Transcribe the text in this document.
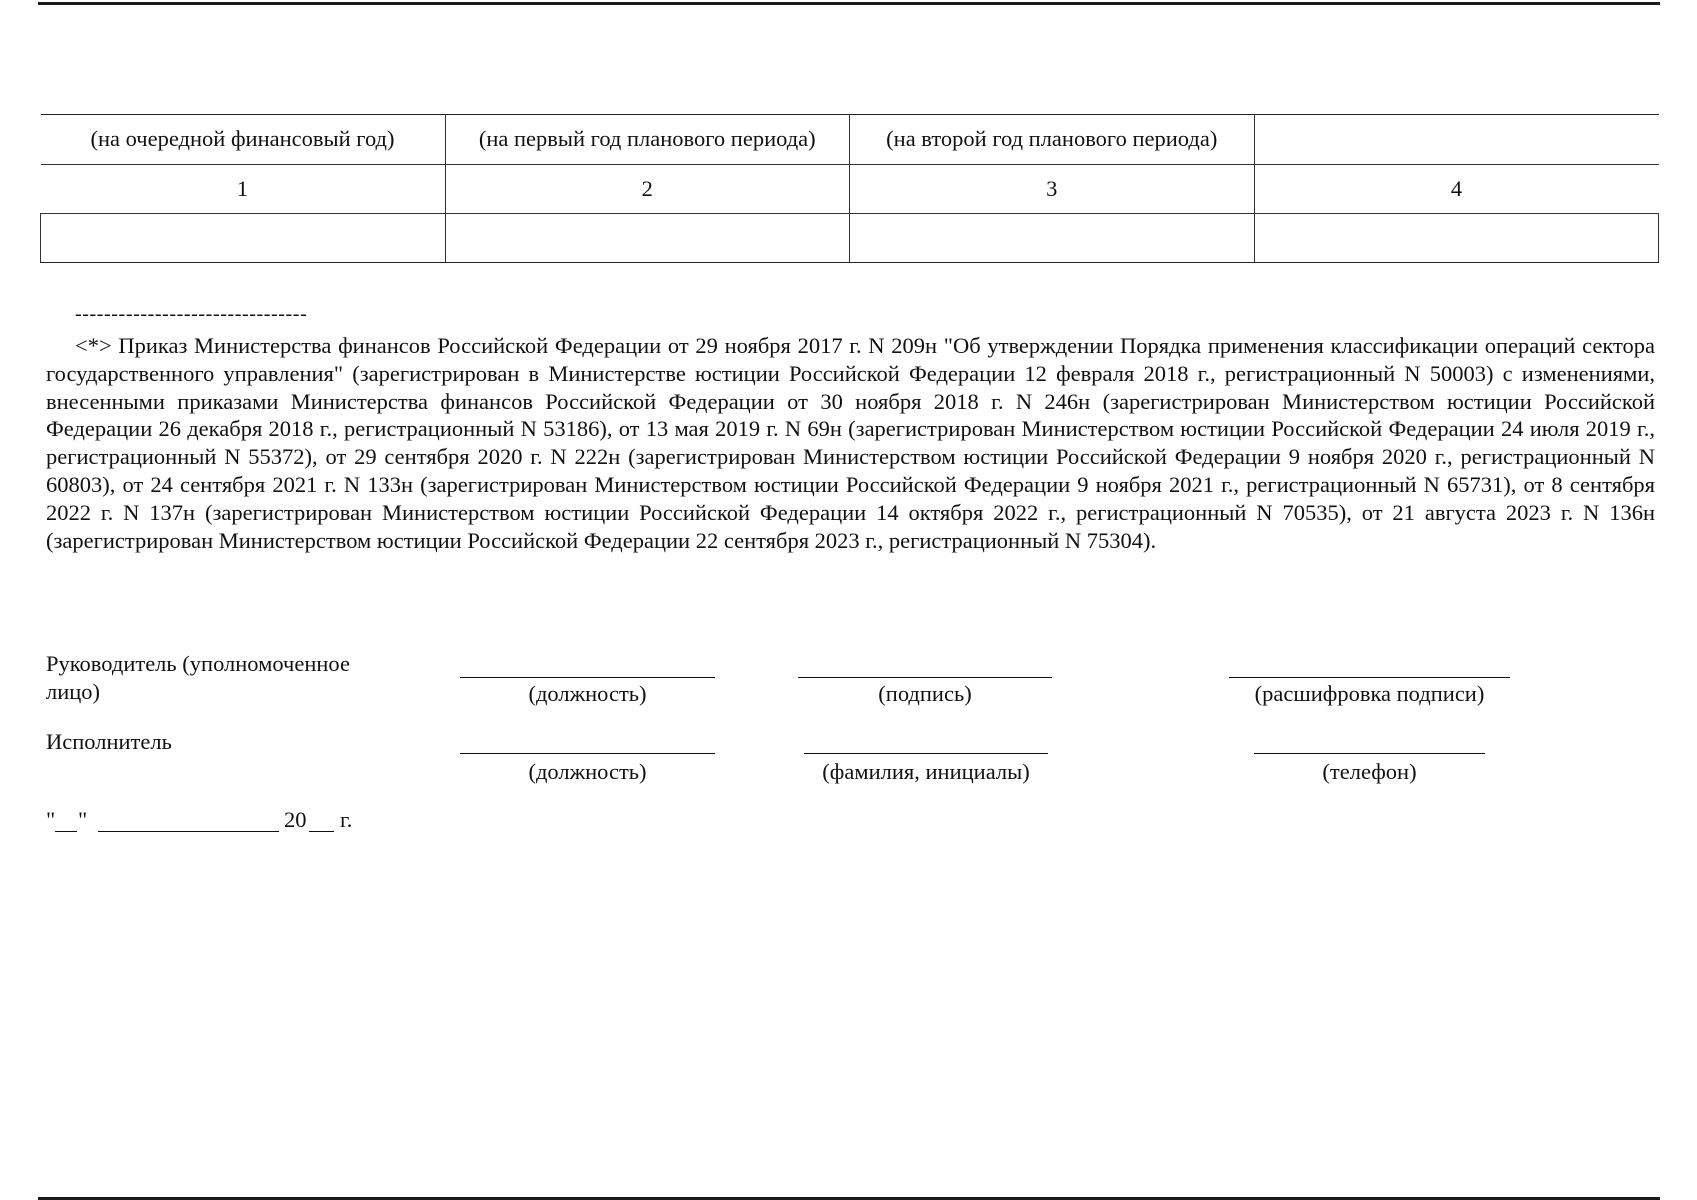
(на очередной финансовый год)	(на первый год планового периода)	(на второй год планового периода)	
1	2	3	4

--------------------------------

<*> Приказ Министерства финансов Российской Федерации от 29 ноября 2017 г. N 209н "Об утверждении Порядка применения классификации операций сектора государственного управления" (зарегистрирован в Министерстве юстиции Российской Федерации 12 февраля 2018 г., регистрационный N 50003) с изменениями, внесенными приказами Министерства финансов Российской Федерации от 30 ноября 2018 г. N 246н (зарегистрирован Министерством юстиции Российской Федерации 26 декабря 2018 г., регистрационный N 53186), от 13 мая 2019 г. N 69н (зарегистрирован Министерством юстиции Российской Федерации 24 июля 2019 г., регистрационный N 55372), от 29 сентября 2020 г. N 222н (зарегистрирован Министерством юстиции Российской Федерации 9 ноября 2020 г., регистрационный N 60803), от 24 сентября 2021 г. N 133н (зарегистрирован Министерством юстиции Российской Федерации 9 ноября 2021 г., регистрационный N 65731), от 8 сентября 2022 г. N 137н (зарегистрирован Министерством юстиции Российской Федерации 14 октября 2022 г., регистрационный N 70535), от 21 августа 2023 г. N 136н (зарегистрирован Министерством юстиции Российской Федерации 22 сентября 2023 г., регистрационный N 75304).

Руководитель (уполномоченное лицо)	(должность)	(подпись)	(расшифровка подписи)
Исполнитель
(должность)	(фамилия, инициалы)	(телефон)
" "	20 г.
